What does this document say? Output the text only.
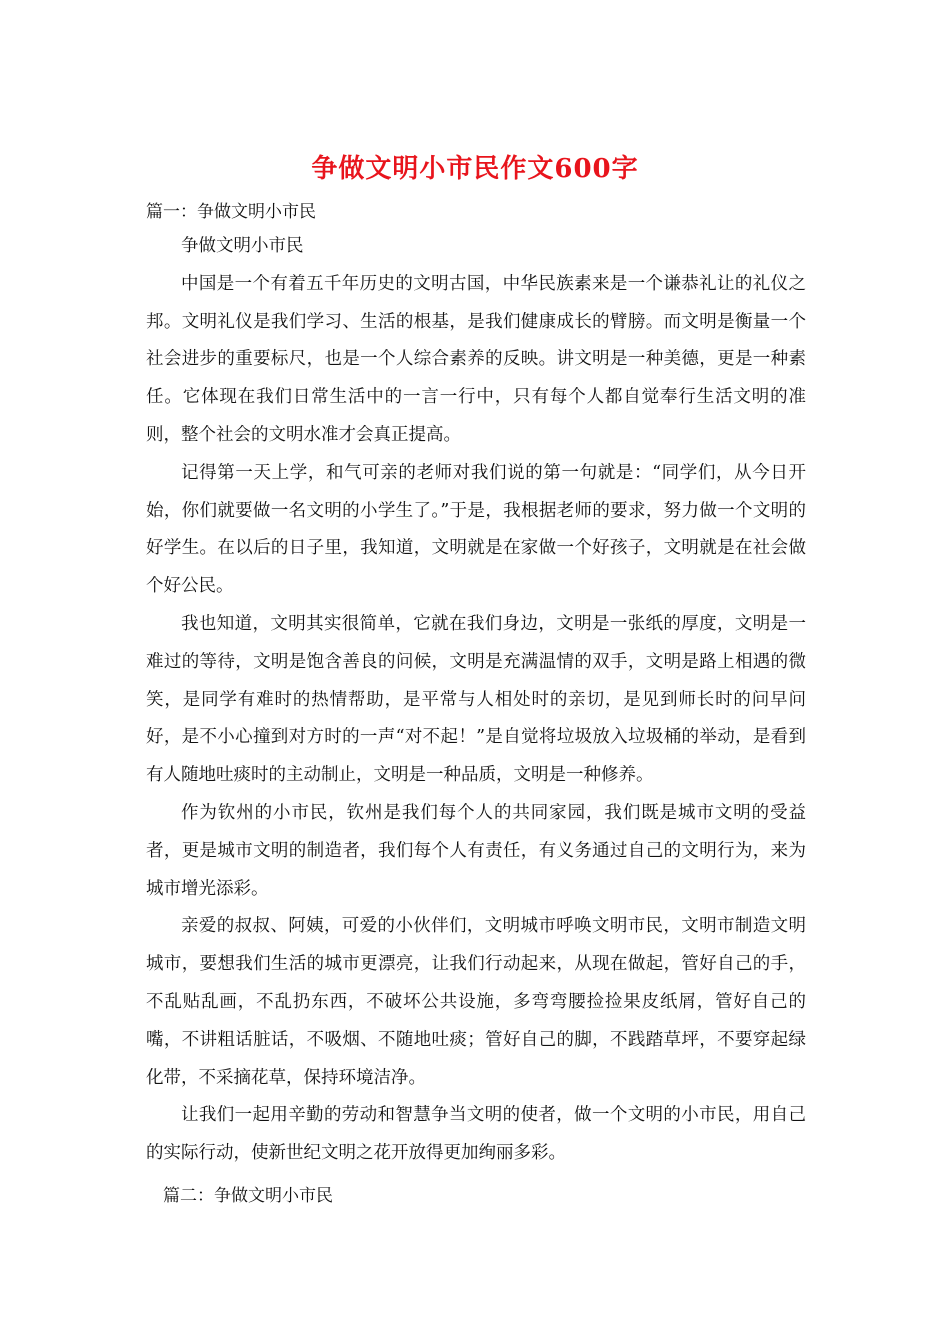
争做文明小市民作文600字
篇一：争做文明小市民

争做文明小市民

中国是一个有着五千年历史的文明古国，中华民族素来是一个谦恭礼让的礼仪之邦。文明礼仪是我们学习、生活的根基，是我们健康成长的臂膀。而文明是衡量一个社会进步的重要标尺，也是一个人综合素养的反映。讲文明是一种美德，更是一种素任。它体现在我们日常生活中的一言一行中，只有每个人都自觉奉行生活文明的准则，整个社会的文明水准才会真正提高。

记得第一天上学，和气可亲的老师对我们说的第一句就是：“同学们，从今日开始，你们就要做一名文明的小学生了。”于是，我根据老师的要求，努力做一个文明的好学生。在以后的日子里，我知道，文明就是在家做一个好孩子，文明就是在社会做个好公民。

我也知道，文明其实很简单，它就在我们身边，文明是一张纸的厚度，文明是一难过的等待，文明是饱含善良的问候，文明是充满温情的双手，文明是路上相遇的微笑，是同学有难时的热情帮助，是平常与人相处时的亲切，是见到师长时的问早问好，是不小心撞到对方时的一声“对不起！”是自觉将垃圾放入垃圾桶的举动，是看到有人随地吐痰时的主动制止，文明是一种品质，文明是一种修养。

作为钦州的小市民，钦州是我们每个人的共同家园，我们既是城市文明的受益者，更是城市文明的制造者，我们每个人有责任，有义务通过自己的文明行为，来为城市增光添彩。

亲爱的叔叔、阿姨，可爱的小伙伴们，文明城市呼唤文明市民，文明市制造文明城市，要想我们生活的城市更漂亮，让我们行动起来，从现在做起，管好自己的手，不乱贴乱画，不乱扔东西，不破坏公共设施，多弯弯腰捡捡果皮纸屑，管好自己的嘴，不讲粗话脏话，不吸烟、不随地吐痰；管好自己的脚，不践踏草坪，不要穿起绿化带，不采摘花草，保持环境洁净。

让我们一起用辛勤的劳动和智慧争当文明的使者，做一个文明的小市民，用自己的实际行动，使新世纪文明之花开放得更加绚丽多彩。

篇二：争做文明小市民
